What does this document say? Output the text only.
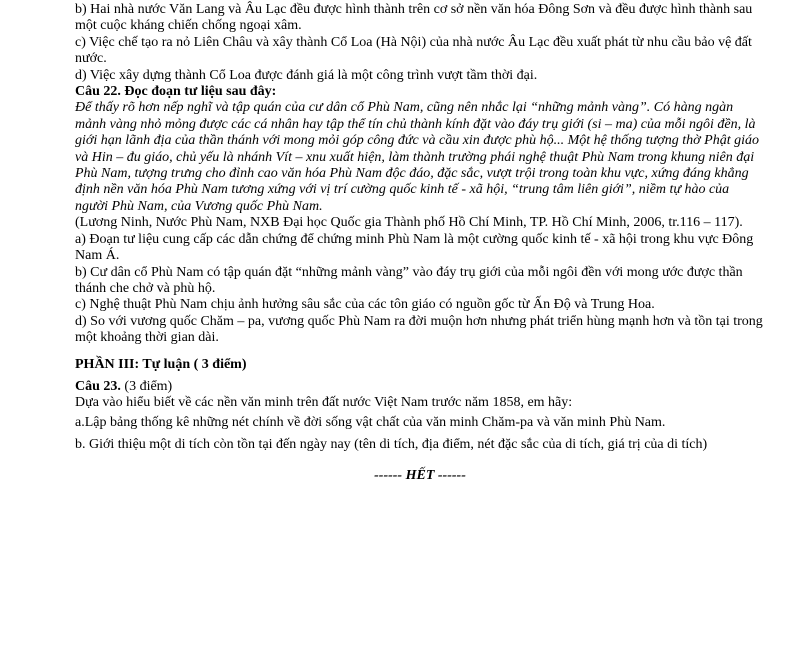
b) Hai nhà nước Văn Lang và Âu Lạc đều được hình thành trên cơ sở nền văn hóa Đông Sơn và đều được hình thành sau một cuộc kháng chiến chống ngoại xâm.

c) Việc chế tạo ra nỏ Liên Châu và xây thành Cổ Loa (Hà Nội) của nhà nước Âu Lạc đều xuất phát từ nhu cầu bảo vệ đất nước.

d) Việc xây dựng thành Cổ Loa được đánh giá là một công trình vượt tầm thời đại.

Câu 22. Đọc đoạn tư liệu sau đây:

Để thấy rõ hơn nếp nghĩ và tập quán của cư dân cổ Phù Nam, cũng nên nhắc lại “những mảnh vàng”. Có hàng ngàn mảnh vàng nhỏ mỏng được các cá nhân hay tập thể tín chủ thành kính đặt vào đáy trụ giới (si – ma) của mỗi ngôi đền, là giới hạn lãnh địa của thần thánh với mong mỏi góp công đức và cầu xin được phù hộ... Một hệ thống tượng thờ Phật giáo và Hin – đu giáo, chủ yếu là nhánh Vít – xnu xuất hiện, làm thành trường phái nghệ thuật Phù Nam trong khung niên đại Phù Nam, tượng trưng cho đỉnh cao văn hóa Phù Nam độc đáo, đặc sắc, vượt trội trong toàn khu vực, xứng đáng khẳng định nền văn hóa Phù Nam tương xứng với vị trí cường quốc kinh tế - xã hội, “trung tâm liên giới”, niềm tự hào của người Phù Nam, của Vương quốc Phù Nam.

(Lương Ninh, Nước Phù Nam, NXB Đại học Quốc gia Thành phố Hồ Chí Minh, TP. Hồ Chí Minh, 2006, tr.116 – 117).

a) Đoạn tư liệu cung cấp các dẫn chứng để chứng minh Phù Nam là một cường quốc kinh tế - xã hội trong khu vực Đông Nam Á.

b) Cư dân cổ Phù Nam có tập quán đặt “những mảnh vàng” vào đáy trụ giới của mỗi ngôi đền với mong ước được thần thánh che chở và phù hộ.

c) Nghệ thuật Phù Nam chịu ảnh hưởng sâu sắc của các tôn giáo có nguồn gốc từ Ấn Độ và Trung Hoa.

d) So với vương quốc Chăm – pa, vương quốc Phù Nam ra đời muộn hơn nhưng phát triển hùng mạnh hơn và tồn tại trong một khoảng thời gian dài.

PHẦN III: Tự luận ( 3 điểm)

Câu 23. (3 điểm)

Dựa vào hiểu biết về các nền văn minh trên đất nước Việt Nam trước năm 1858, em hãy:

a.Lập bảng thống kê những nét chính về đời sống vật chất của văn minh Chăm-pa và văn minh Phù Nam.

b. Giới thiệu một di tích còn tồn tại đến ngày nay (tên di tích, địa điểm, nét đặc sắc của di tích, giá trị của di tích)

------ HẾT ------
